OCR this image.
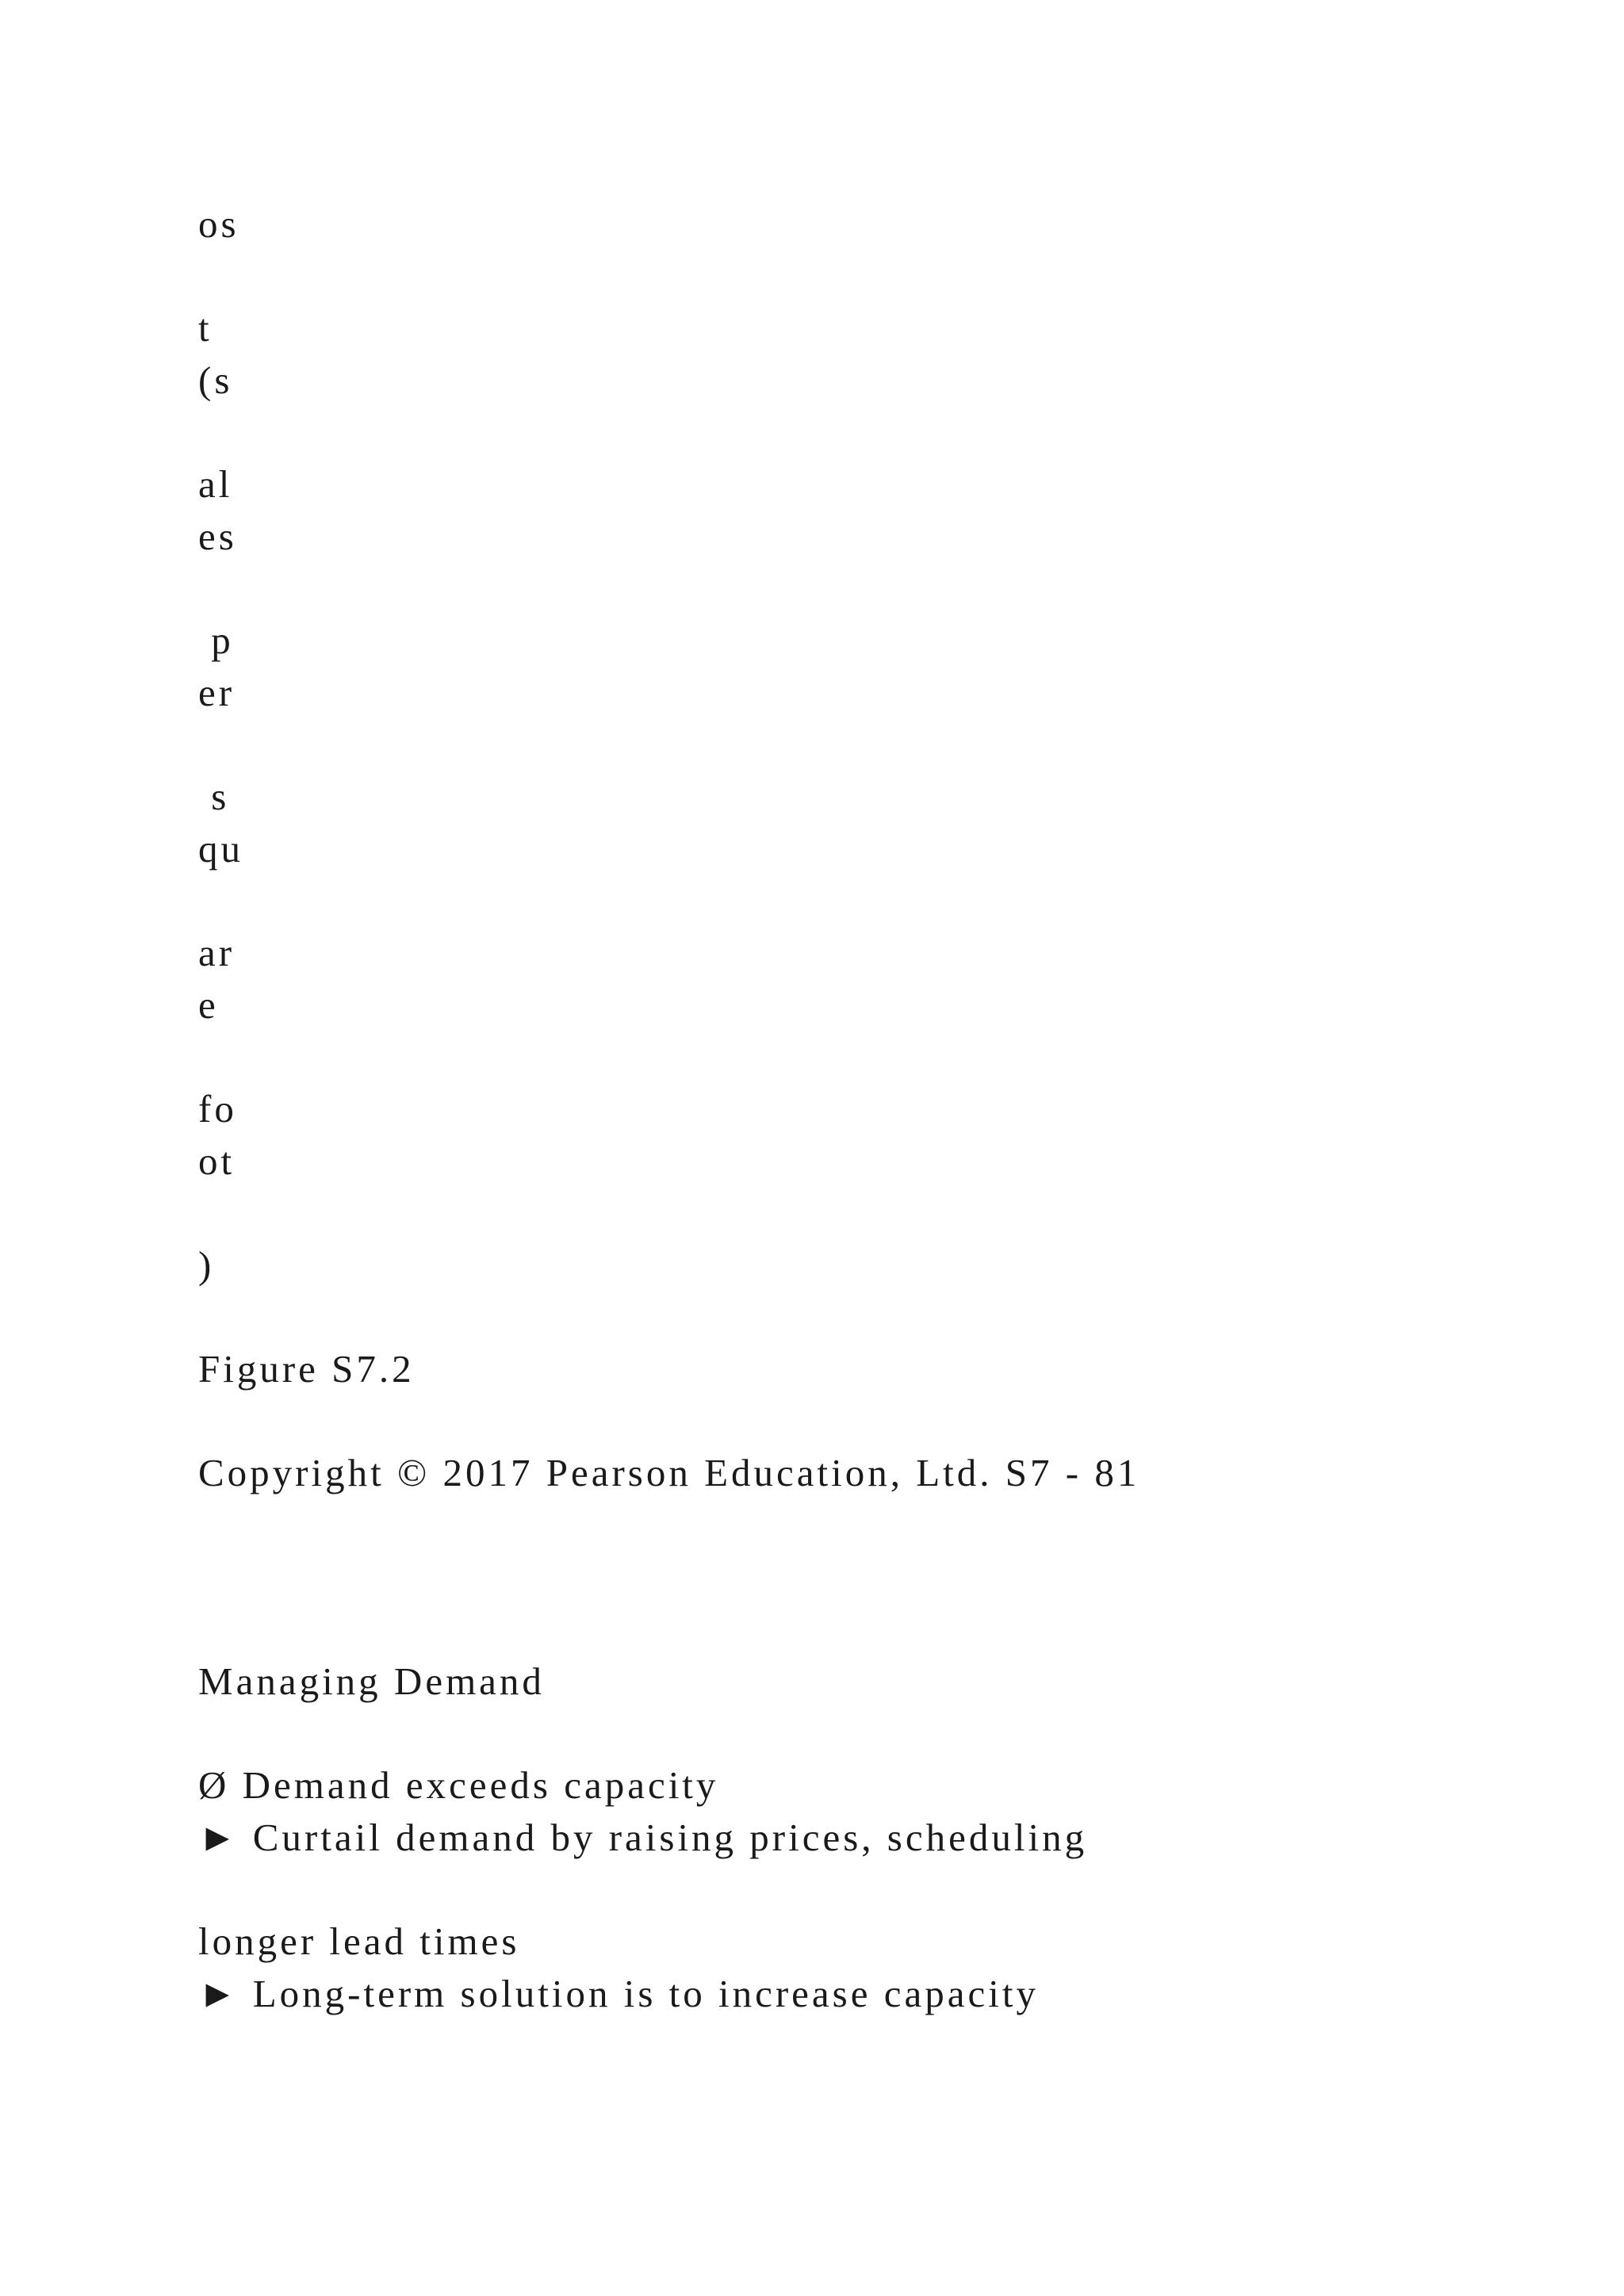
os
t
(s
al
es
p
er
s
qu
ar
e
fo
ot
)
Figure S7.2
Copyright © 2017 Pearson Education, Ltd. S7 - 81
Managing Demand
Ø Demand exceeds capacity
► Curtail demand by raising prices, scheduling
longer lead times
► Long-term solution is to increase capacity
